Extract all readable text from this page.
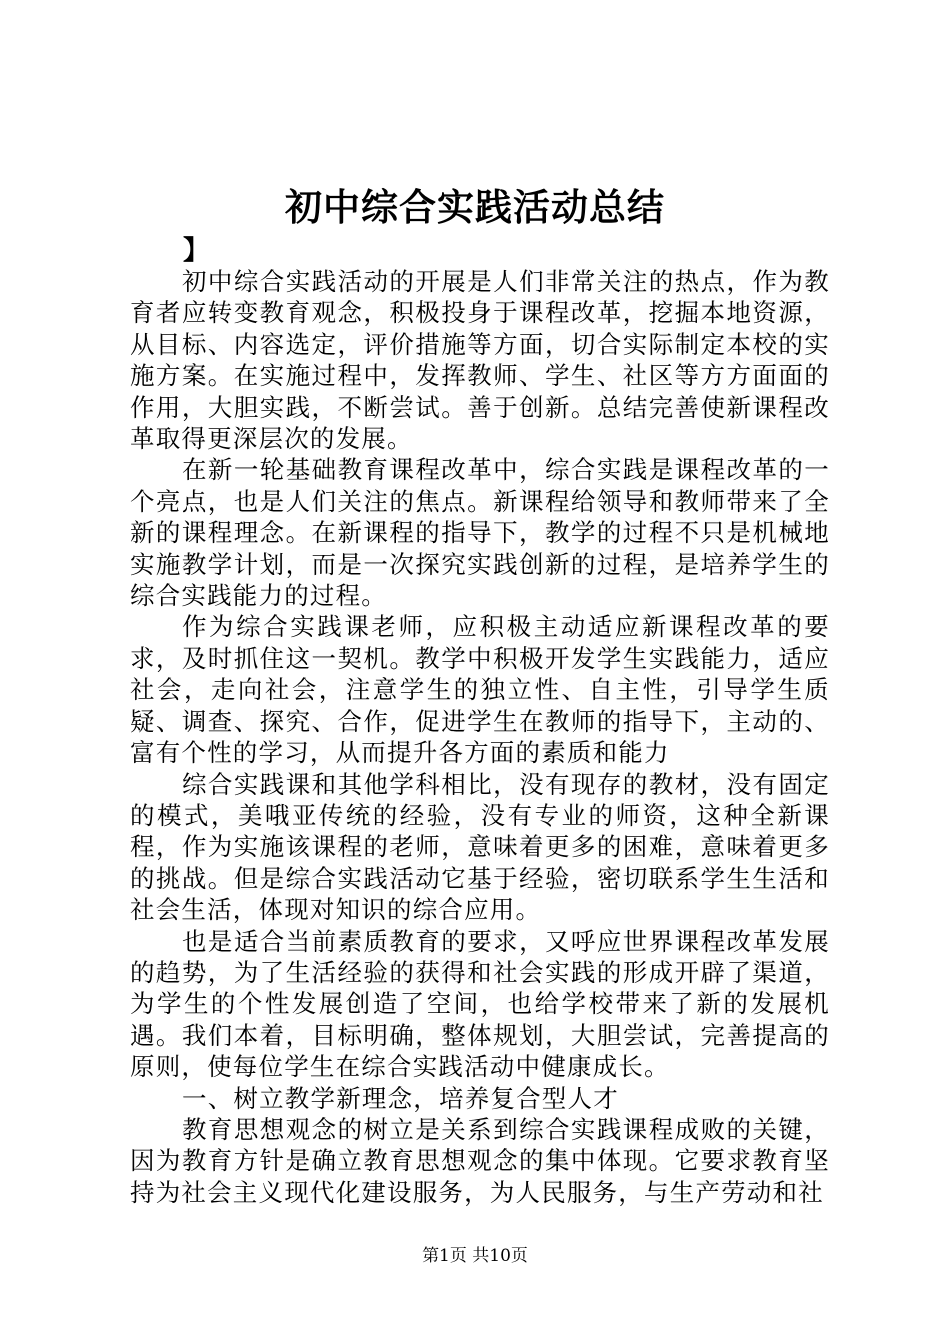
初中综合实践活动总结
】

初中综合实践活动的开展是人们非常关注的热点，作为教育者应转变教育观念，积极投身于课程改革，挖掘本地资源，从目标、内容选定，评价措施等方面，切合实际制定本校的实施方案。在实施过程中，发挥教师、学生、社区等方方面面的作用，大胆实践，不断尝试。善于创新。总结完善使新课程改革取得更深层次的发展。

在新一轮基础教育课程改革中，综合实践是课程改革的一个亮点，也是人们关注的焦点。新课程给领导和教师带来了全新的课程理念。在新课程的指导下，教学的过程不只是机械地实施教学计划，而是一次探究实践创新的过程，是培养学生的综合实践能力的过程。

作为综合实践课老师，应积极主动适应新课程改革的要求，及时抓住这一契机。教学中积极开发学生实践能力，适应社会，走向社会，注意学生的独立性、自主性，引导学生质疑、调查、探究、合作，促进学生在教师的指导下，主动的、富有个性的学习，从而提升各方面的素质和能力

综合实践课和其他学科相比，没有现存的教材，没有固定的模式，美哦亚传统的经验，没有专业的师资，这种全新课程，作为实施该课程的老师，意味着更多的困难，意味着更多的挑战。但是综合实践活动它基于经验，密切联系学生生活和社会生活，体现对知识的综合应用。

也是适合当前素质教育的要求，又呼应世界课程改革发展的趋势，为了生活经验的获得和社会实践的形成开辟了渠道，为学生的个性发展创造了空间，也给学校带来了新的发展机遇。我们本着，目标明确，整体规划，大胆尝试，完善提高的原则，使每位学生在综合实践活动中健康成长。

一、树立教学新理念，培养复合型人才

教育思想观念的树立是关系到综合实践课程成败的关键，因为教育方针是确立教育思想观念的集中体现。它要求教育坚持为社会主义现代化建设服务，为人民服务，与生产劳动和社

第1页 共10页
